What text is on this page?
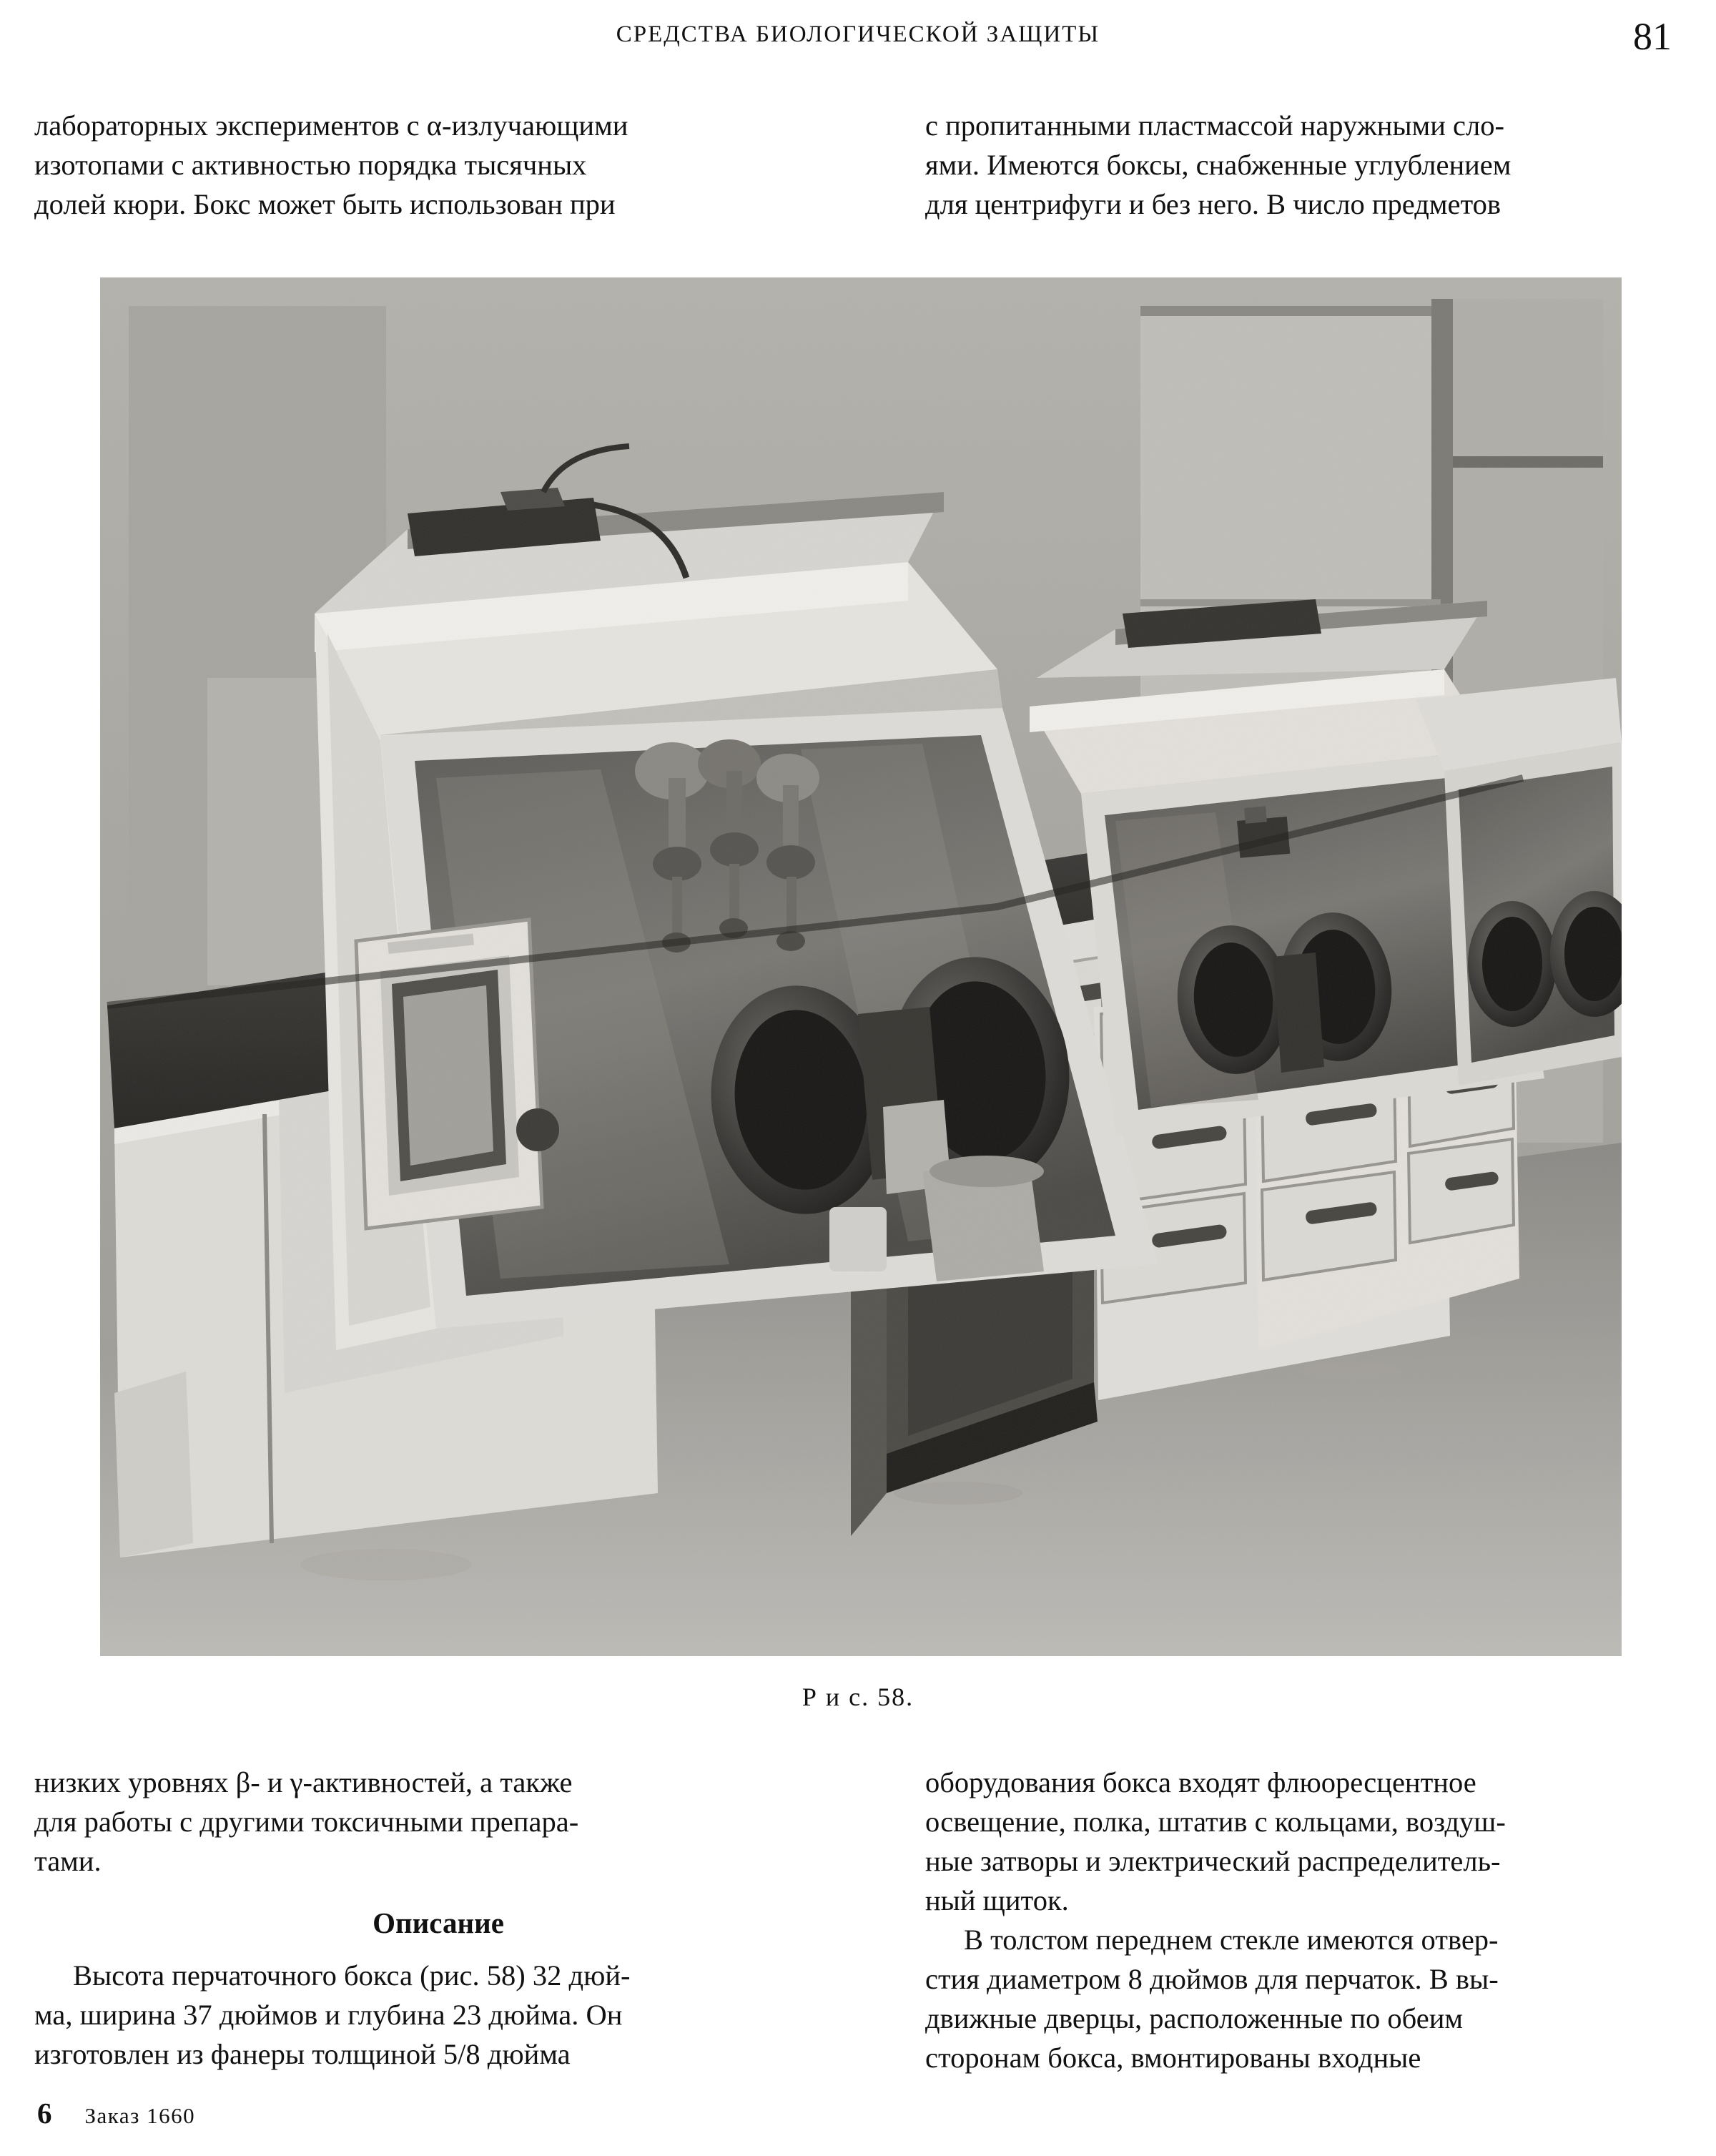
СРЕДСТВА БИОЛОГИЧЕСКОЙ ЗАЩИТЫ	81

лабораторных экспериментов с α-излучающими
изотопами с активностью порядка тысячных
долей кюри. Бокс может быть использован при

с пропитанными пластмассой наружными сло-
ями. Имеются боксы, снабженные углублением
для центрифуги и без него. В число предметов

Р и с. 58.

низких уровнях β- и γ-активностей, а также
для работы с другими токсичными препара-
тами.

Описание

Высота перчаточного бокса (рис. 58) 32 дюй-
ма, ширина 37 дюймов и глубина 23 дюйма. Он
изготовлен из фанеры толщиной 5/8 дюйма

оборудования бокса входят флюоресцентное
освещение, полка, штатив с кольцами, воздуш-
ные затворы и электрический распределитель-
ный щиток.

В толстом переднем стекле имеются отвер-
стия диаметром 8 дюймов для перчаток. В вы-
движные дверцы, расположенные по обеим
сторонам бокса, вмонтированы входные

6 Заказ 1660
